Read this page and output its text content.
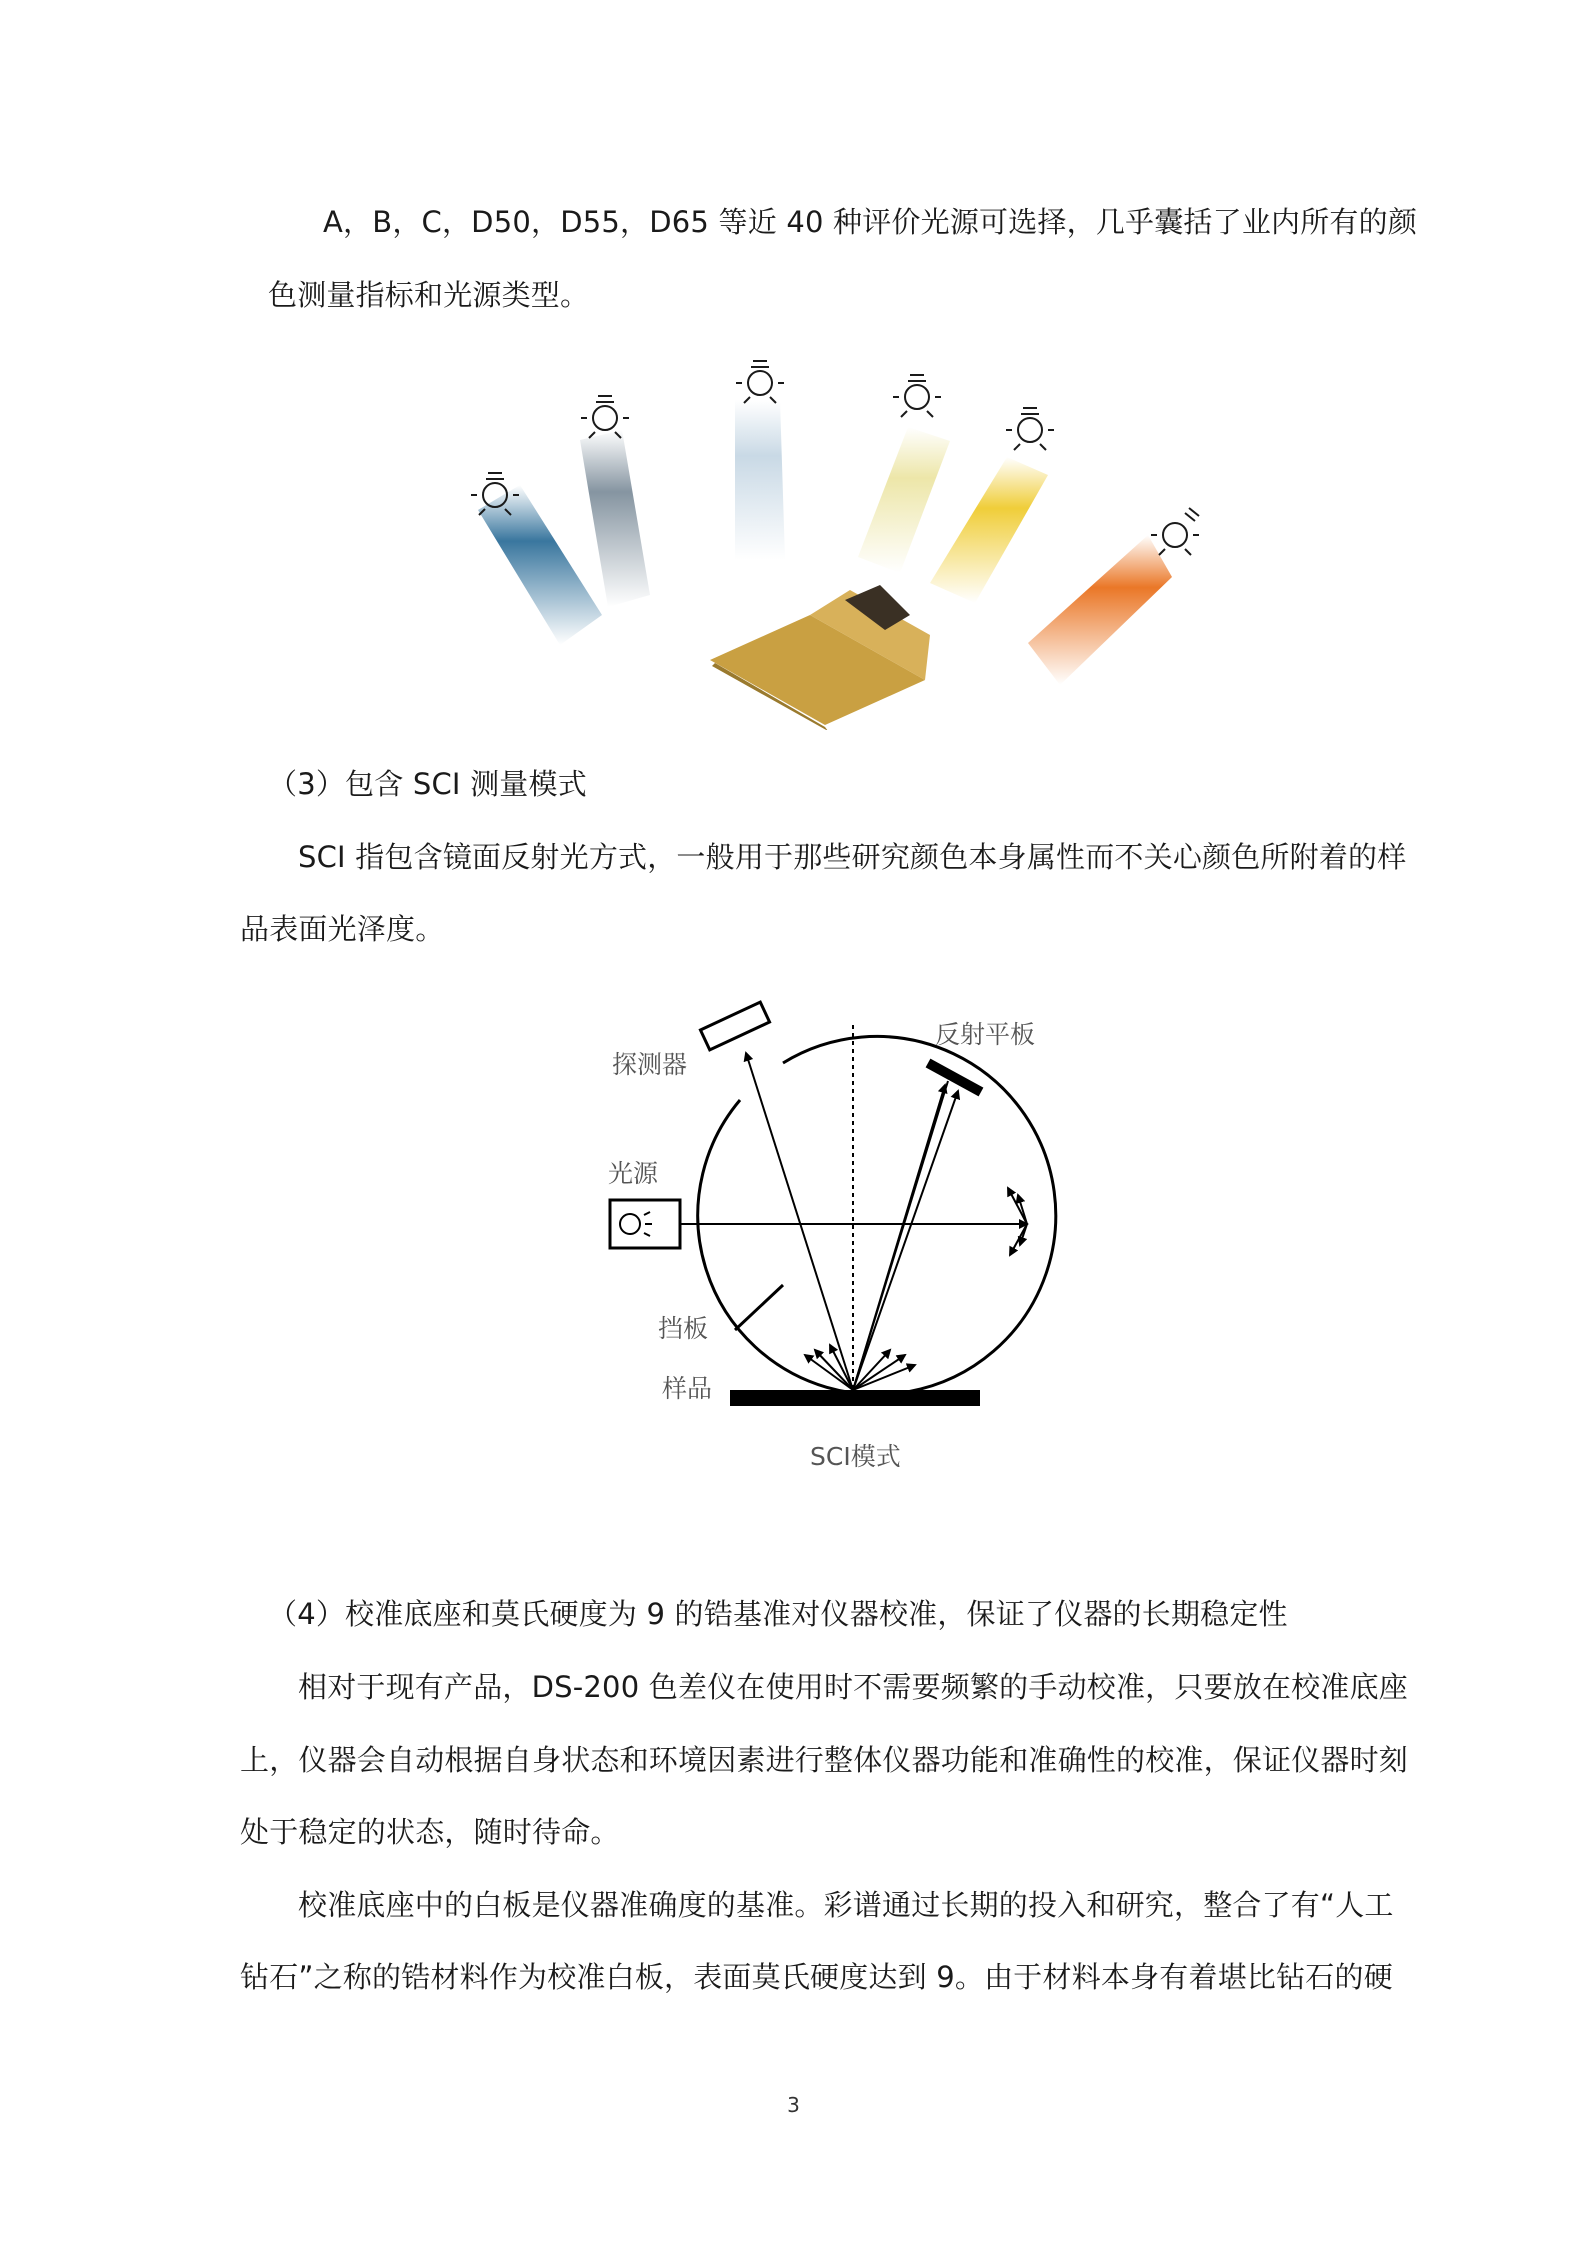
A，B，C，D50，D55，D65 等近 40 种评价光源可选择，几乎囊括了业内所有的颜
色测量指标和光源类型。
（3）包含 SCI 测量模式
SCI 指包含镜面反射光方式，一般用于那些研究颜色本身属性而不关心颜色所附着的样
品表面光泽度。
探测器
反射平板
光源
挡板
样品
SCI模式
（4）校准底座和莫氏硬度为 9 的锆基准对仪器校准，保证了仪器的长期稳定性
相对于现有产品，DS-200 色差仪在使用时不需要频繁的手动校准，只要放在校准底座
上，仪器会自动根据自身状态和环境因素进行整体仪器功能和准确性的校准，保证仪器时刻
处于稳定的状态，随时待命。
校准底座中的白板是仪器准确度的基准。彩谱通过长期的投入和研究，整合了有“人工
钻石”之称的锆材料作为校准白板，表面莫氏硬度达到 9。由于材料本身有着堪比钻石的硬
3
